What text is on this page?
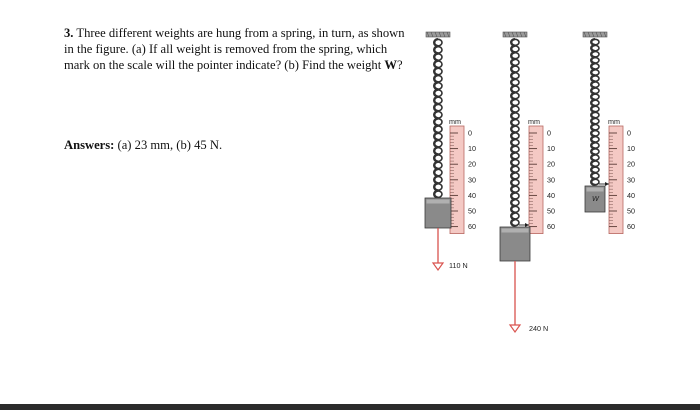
3. Three different weights are hung from a spring, in turn, as shown in the figure. (a) If all weight is removed from the spring, which mark on the scale will the pointer indicate? (b) Find the weight W?

Answers: (a) 23 mm, (b) 45 N.
mm
0
10
20
30
40
50
60
110 N
mm
0
10
20
30
40
50
60
240 N
mm
0
10
20
30
40
50
60
W
